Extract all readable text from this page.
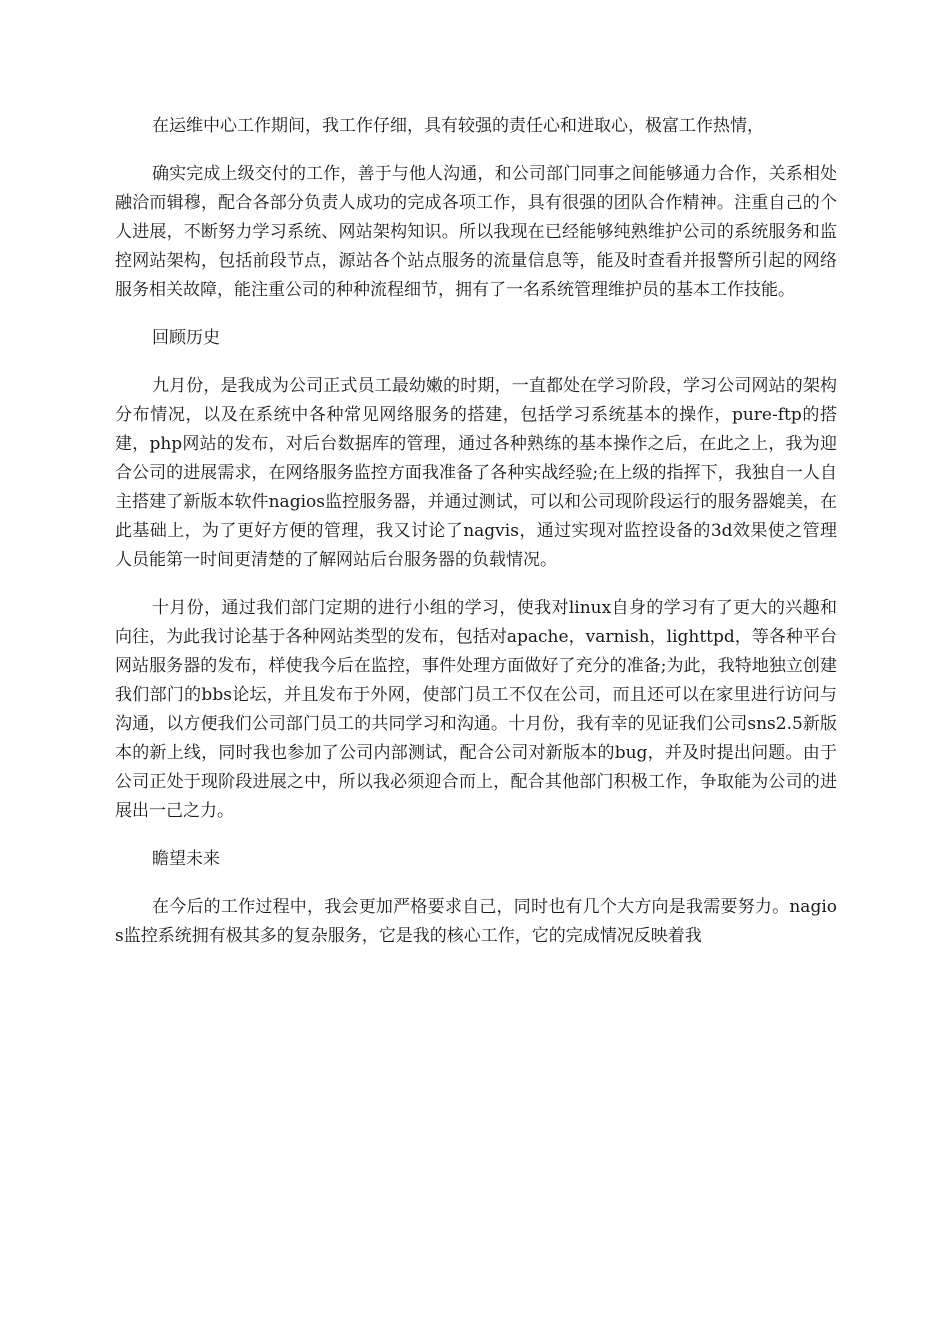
在运维中心工作期间，我工作仔细，具有较强的责任心和进取心，极富工作热情，

确实完成上级交付的工作，善于与他人沟通，和公司部门同事之间能够通力合作，关系相处融洽而辑穆，配合各部分负责人成功的完成各项工作，具有很强的团队合作精神。注重自己的个人进展，不断努力学习系统、网站架构知识。所以我现在已经能够纯熟维护公司的系统服务和监控网站架构，包括前段节点，源站各个站点服务的流量信息等，能及时查看并报警所引起的网络服务相关故障，能注重公司的种种流程细节，拥有了一名系统管理维护员的基本工作技能。

回顾历史

九月份，是我成为公司正式员工最幼嫩的时期，一直都处在学习阶段，学习公司网站的架构分布情况，以及在系统中各种常见网络服务的搭建，包括学习系统基本的操作，pure-ftp的搭建，php网站的发布，对后台数据库的管理，通过各种熟练的基本操作之后，在此之上，我为迎合公司的进展需求，在网络服务监控方面我准备了各种实战经验;在上级的指挥下，我独自一人自主搭建了新版本软件nagios监控服务器，并通过测试，可以和公司现阶段运行的服务器媲美，在此基础上，为了更好方便的管理，我又讨论了nagvis，通过实现对监控设备的3d效果使之管理人员能第一时间更清楚的了解网站后台服务器的负载情况。

十月份，通过我们部门定期的进行小组的学习，使我对linux自身的学习有了更大的兴趣和向往，为此我讨论基于各种网站类型的发布，包括对apache，varnish，lighttpd，等各种平台网站服务器的发布，样使我今后在监控，事件处理方面做好了充分的准备;为此，我特地独立创建我们部门的bbs论坛，并且发布于外网，使部门员工不仅在公司，而且还可以在家里进行访问与沟通，以方便我们公司部门员工的共同学习和沟通。十月份，我有幸的见证我们公司sns2.5新版本的新上线，同时我也参加了公司内部测试，配合公司对新版本的bug，并及时提出问题。由于公司正处于现阶段进展之中，所以我必须迎合而上，配合其他部门积极工作，争取能为公司的进展出一己之力。

瞻望未来

在今后的工作过程中，我会更加严格要求自己，同时也有几个大方向是我需要努力。nagios监控系统拥有极其多的复杂服务，它是我的核心工作，它的完成情况反映着我
